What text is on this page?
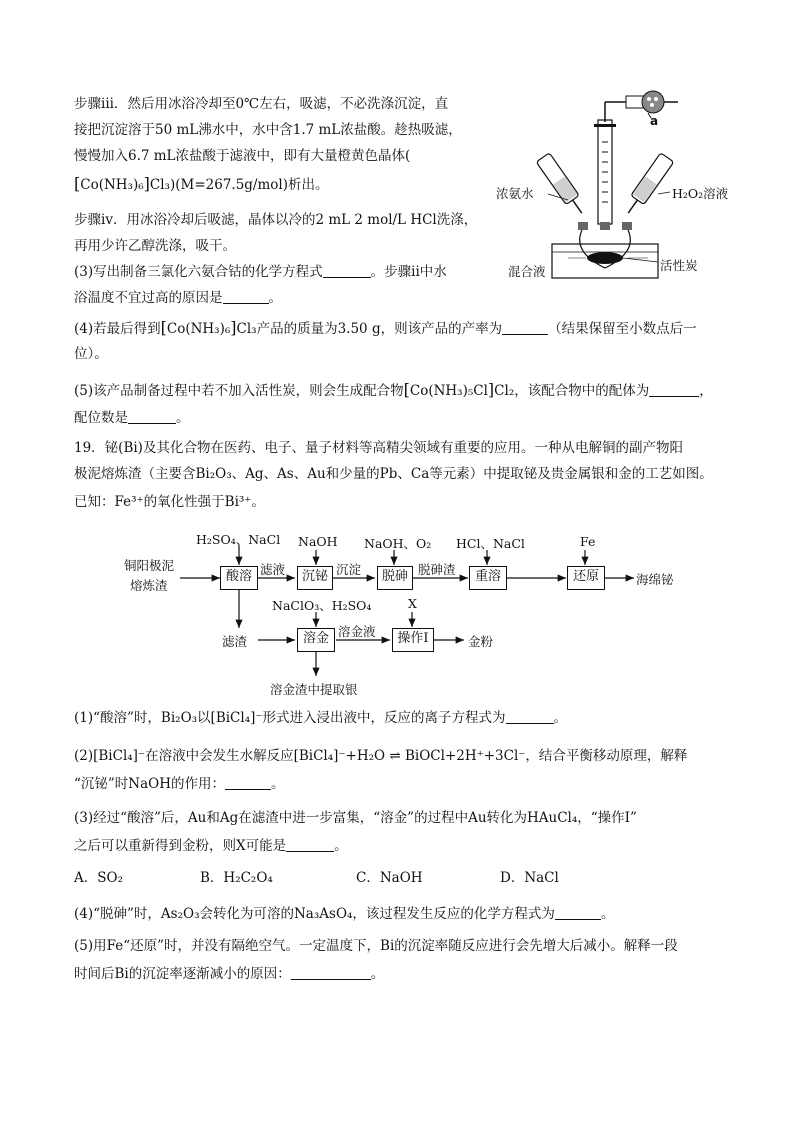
步骤iii．然后用冰浴冷却至0℃左右，吸滤，不必洗涤沉淀，直
接把沉淀溶于50 mL沸水中，水中含1.7 mL浓盐酸。趁热吸滤，
慢慢加入6.7 mL浓盐酸于滤液中，即有大量橙黄色晶体(
[Co(NH₃)₆]Cl₃)(M=267.5g/mol)析出。
步骤iv．用冰浴冷却后吸滤，晶体以冷的2 mL 2 mol/L HCl洗涤，
再用少许乙醇洗涤，吸干。
(3)写出制备三氯化六氨合钴的化学方程式	。步骤ii中水
浴温度不宜过高的原因是	。
a
浓氨水	H₂O₂溶液
活性炭
混合液
(4)若最后得到[Co(NH₃)₆]Cl₃产品的质量为3.50 g，则该产品的产率为	（结果保留至小数点后一
位）。
(5)该产品制备过程中若不加入活性炭，则会生成配合物[Co(NH₃)₅Cl]Cl₂，该配合物中的配体为	，
配位数是	。
19．铋(Bi)及其化合物在医药、电子、量子材料等高精尖领域有重要的应用。一种从电解铜的副产物阳
极泥熔炼渣（主要含Bi₂O₃、Ag、As、Au和少量的Pb、Ca等元素）中提取铋及贵金属银和金的工艺如图。
已知：Fe³⁺的氧化性强于Bi³⁺。
铜阳极泥
熔炼渣
酸溶	沉铋	脱砷	重溶	还原
溶金	操作I
H₂SO₄、NaCl NaOH NaOH、O₂ HCl、NaCl	Fe
NaClO₃、H₂SO₄	X
滤液	沉淀	脱砷渣
滤渣
溶金液
海绵铋
金粉
溶金渣中提取银
(1)“酸溶”时，Bi₂O₃以[BiCl₄]⁻形式进入浸出液中，反应的离子方程式为	。
(2)[BiCl₄]⁻在溶液中会发生水解反应[BiCl₄]⁻+H₂O ⇌ BiOCl+2H⁺+3Cl⁻，结合平衡移动原理，解释
“沉铋”时NaOH的作用：	。
(3)经过“酸溶”后，Au和Ag在滤渣中进一步富集，“溶金”的过程中Au转化为HAuCl₄，“操作I”
之后可以重新得到金粉，则X可能是	。
A．SO₂	B．H₂C₂O₄	C．NaOH	D．NaCl
(4)“脱砷”时，As₂O₃会转化为可溶的Na₃AsO₄，该过程发生反应的化学方程式为	。
(5)用Fe“还原”时，并没有隔绝空气。一定温度下，Bi的沉淀率随反应进行会先增大后减小。解释一段
时间后Bi的沉淀率逐渐减小的原因：	。
